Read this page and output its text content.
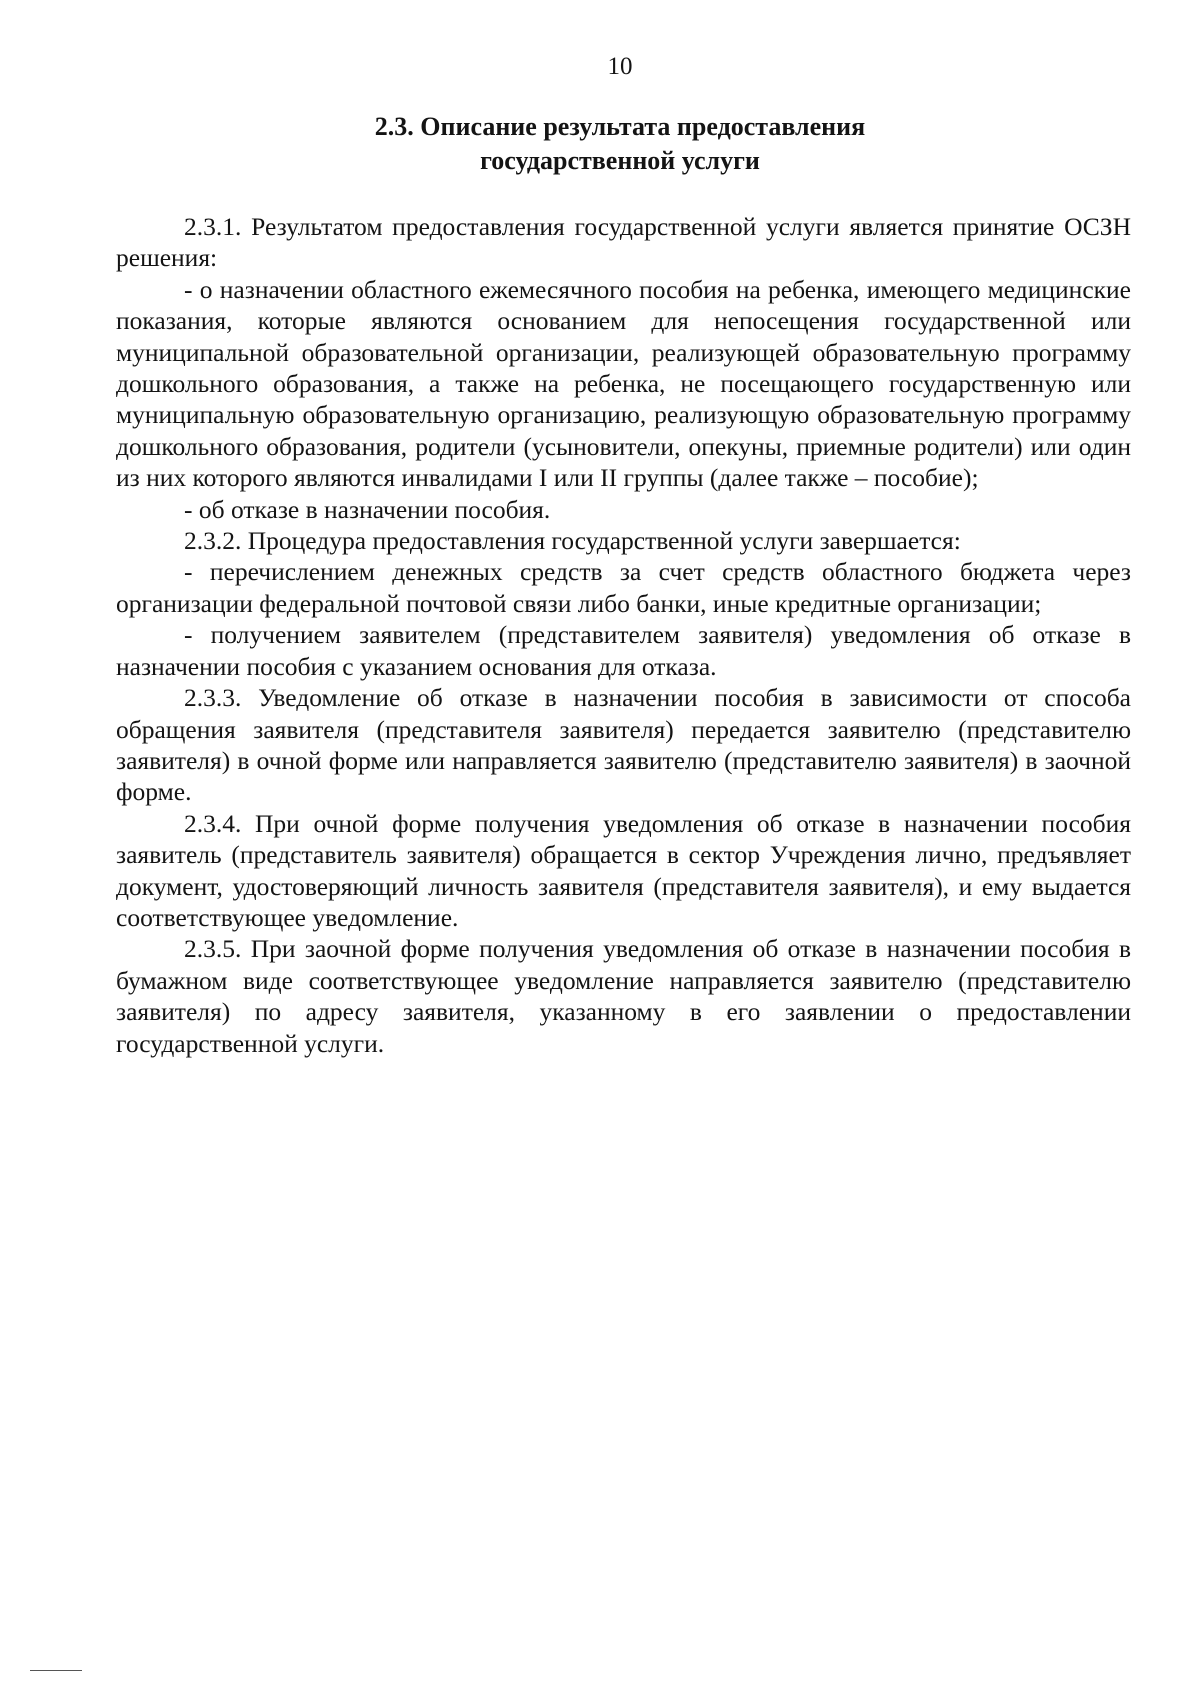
10
2.3. Описание результата предоставления
государственной услуги

2.3.1. Результатом предоставления государственной услуги является принятие ОСЗН решения:

- о назначении областного ежемесячного пособия на ребенка, имеющего медицинские показания, которые являются основанием для непосещения государственной или муниципальной образовательной организации, реализующей образовательную программу дошкольного образования, а также на ребенка, не посещающего государственную или муниципальную образовательную организацию, реализующую образовательную программу дошкольного образования, родители (усыновители, опекуны, приемные родители) или один из них которого являются инвалидами I или II группы (далее также – пособие);

- об отказе в назначении пособия.

2.3.2. Процедура предоставления государственной услуги завершается:

- перечислением денежных средств за счет средств областного бюджета через организации федеральной почтовой связи либо банки, иные кредитные организации;

- получением заявителем (представителем заявителя) уведомления об отказе в назначении пособия с указанием основания для отказа.

2.3.3. Уведомление об отказе в назначении пособия в зависимости от способа обращения заявителя (представителя заявителя) передается заявителю (представителю заявителя) в очной форме или направляется заявителю (представителю заявителя) в заочной форме.

2.3.4. При очной форме получения уведомления об отказе в назначении пособия заявитель (представитель заявителя) обращается в сектор Учреждения лично, предъявляет документ, удостоверяющий личность заявителя (представителя заявителя), и ему выдается соответствующее уведомление.

2.3.5. При заочной форме получения уведомления об отказе в назначении пособия в бумажном виде соответствующее уведомление направляется заявителю (представителю заявителя) по адресу заявителя, указанному в его заявлении о предоставлении государственной услуги.
